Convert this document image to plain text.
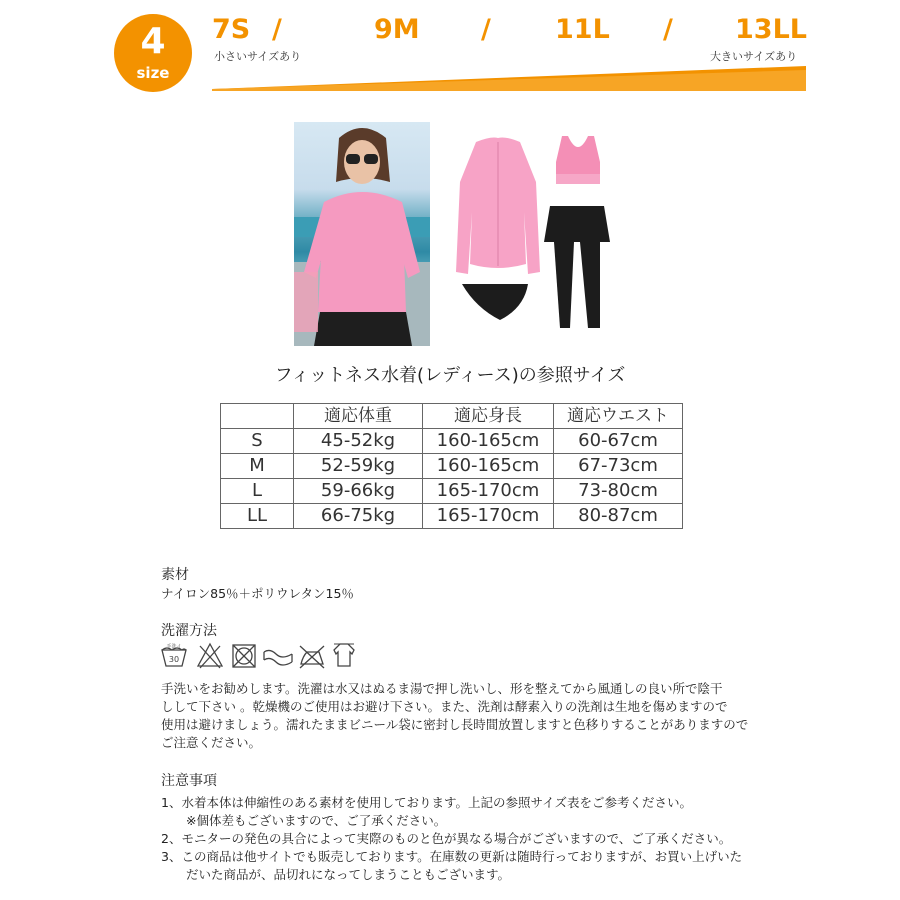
4
size
7S /	9M / 11L / 13LL
小さいサイズあり	大きいサイズあり
フィットネス水着(レディース)の参照サイズ
	適応体重	適応身長	適応ウエスト
S	45-52kg	160-165cm	60-67cm
M	52-59kg	160-165cm	67-73cm
L	59-66kg	165-170cm	73-80cm
LL	66-75kg	165-170cm	80-87cm
素材
ナイロン85％＋ポリウレタン15％
洗濯方法
手洗イ
30
手洗いをお勧めします。洗濯は水又はぬるま湯で押し洗いし、形を整えてから風通しの良い所で陰干
しして下さい 。乾燥機のご使用はお避け下さい。また、洗剤は酵素入りの洗剤は生地を傷めますので
使用は避けましょう。濡れたままビニール袋に密封し長時間放置しますと色移りすることがありますので
ご注意ください。
注意事項
1、水着本体は伸縮性のある素材を使用しております。上記の参照サイズ表をご参考ください。
　　※個体差もございますので、ご了承ください。
2、モニターの発色の具合によって実際のものと色が異なる場合がございますので、ご了承ください。
3、この商品は他サイトでも販売しております。在庫数の更新は随時行っておりますが、お買い上げいた
　　だいた商品が、品切れになってしまうこともございます。
